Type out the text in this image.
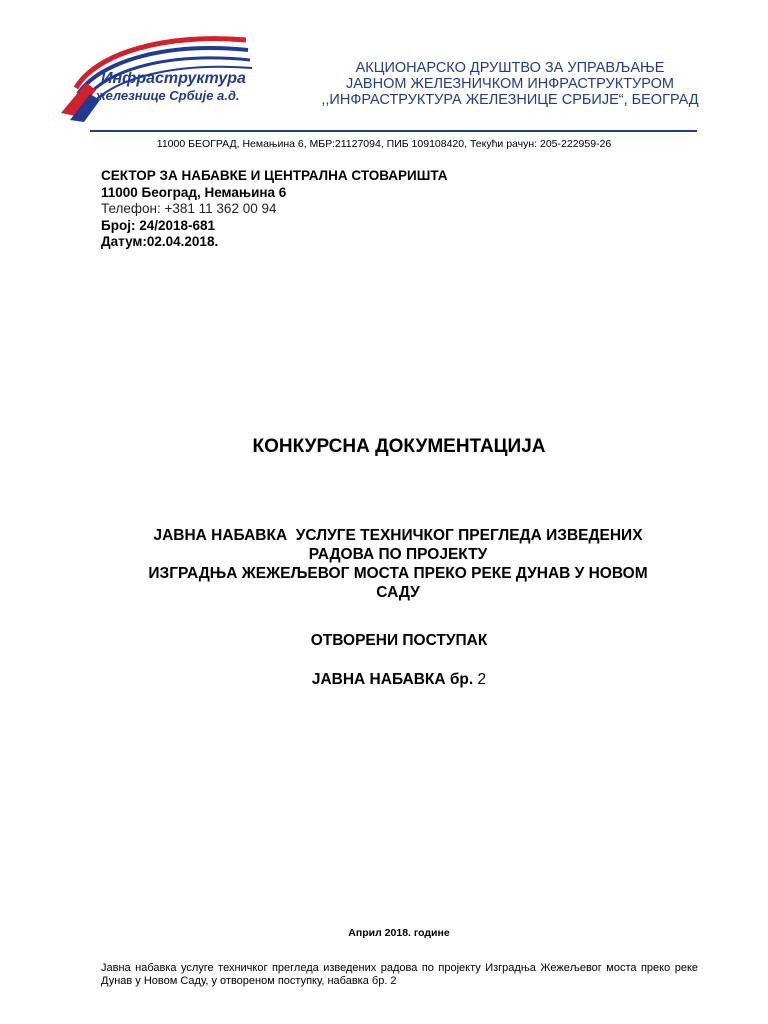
Инфраструктура
железнице Србије а.д.
АКЦИОНАРСКО ДРУШТВО ЗА УПРАВЉАЊЕ
ЈАВНОМ ЖЕЛЕЗНИЧКОМ ИНФРАСТРУКТУРОМ
,,ИНФРАСТРУКТУРА ЖЕЛЕЗНИЦЕ СРБИЈЕ“, БЕОГРАД
11000 БЕОГРАД, Немањина 6, МБР:21127094, ПИБ 109108420, Текући рачун: 205-222959-26
СЕКТОР ЗА НАБАВКЕ И ЦЕНТРАЛНА СТОВАРИШТА
11000 Београд, Немањина 6
Телефон: +381 11 362 00 94
Број: 24/2018-681
Датум:02.04.2018.
КОНКУРСНА ДОКУМЕНТАЦИЈА
ЈАВНА НАБАВКА  УСЛУГЕ ТЕХНИЧКОГ ПРЕГЛЕДА ИЗВЕДЕНИХ
РАДОВА ПО ПРОЈЕКТУ
ИЗГРАДЊА ЖЕЖЕЉЕВОГ МОСТА ПРЕКО РЕКЕ ДУНАВ У НОВОМ
САДУ
ОТВОРЕНИ ПОСТУПАК
ЈАВНА НАБАВКА бр. 2
Април 2018. године
Јавна набавка услуге техничког прегледа изведених радова по пројекту Изградња Жежељевог моста преко реке Дунав у Новом Саду, у отвореном поступку, набавка бр. 2
